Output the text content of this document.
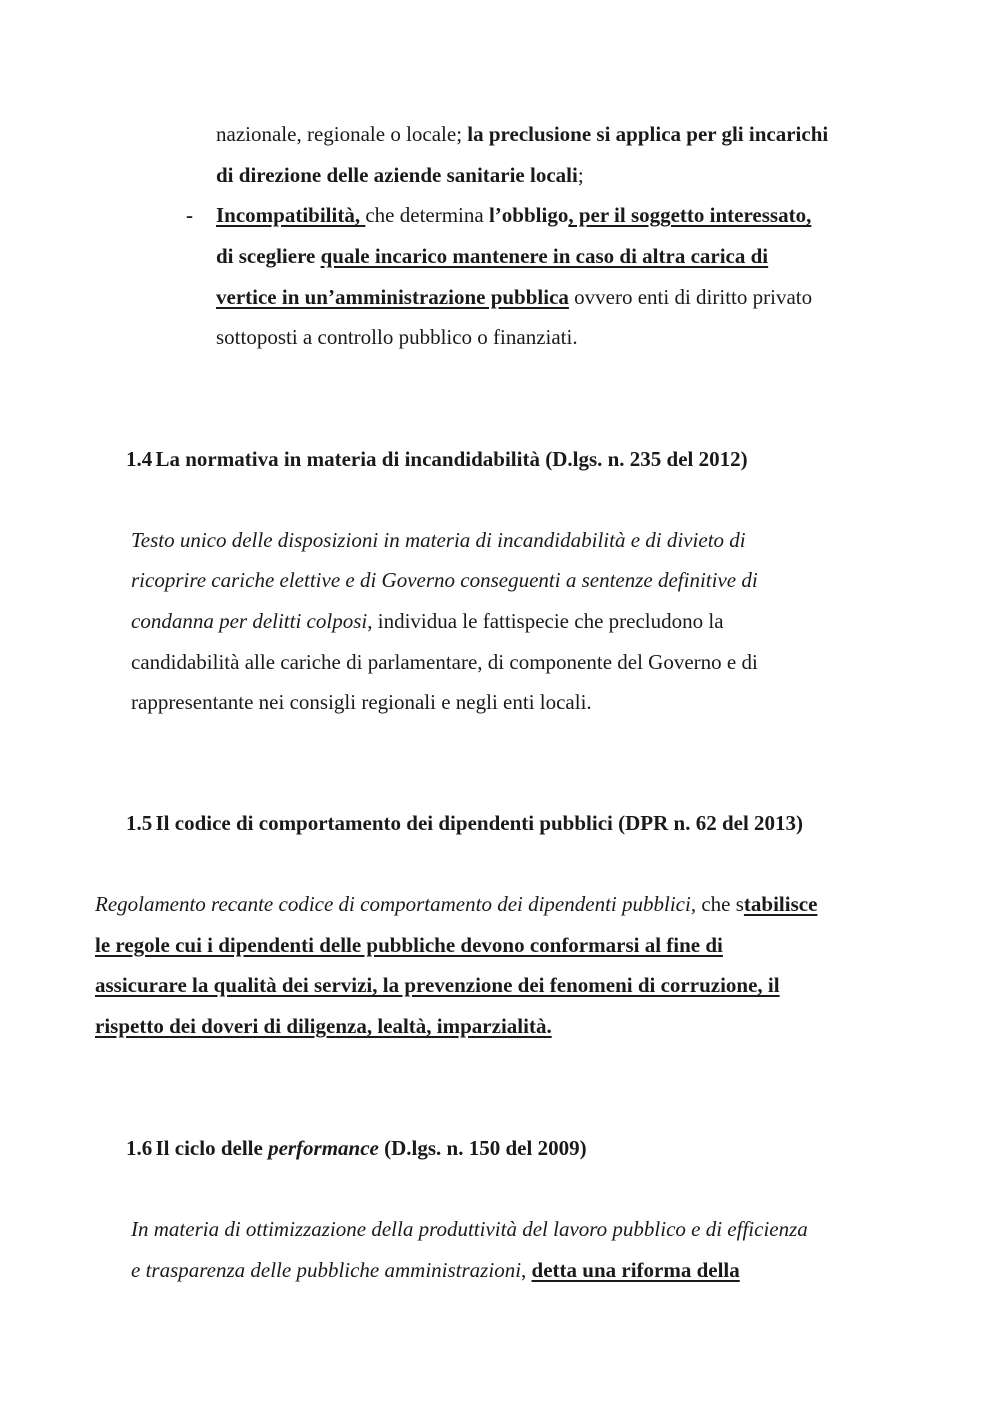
nazionale, regionale o locale; la preclusione si applica per gli incarichi
di direzione delle aziende sanitarie locali;
- Incompatibilità, che determina l’obbligo, per il soggetto interessato,
di scegliere quale incarico mantenere in caso di altra carica di
vertice in un’amministrazione pubblica ovvero enti di diritto privato
sottoposti a controllo pubblico o finanziati.
1.4 La normativa in materia di incandidabilità (D.lgs. n. 235 del 2012)
Testo unico delle disposizioni in materia di incandidabilità e di divieto di
ricoprire cariche elettive e di Governo conseguenti a sentenze definitive di
condanna per delitti colposi, individua le fattispecie che precludono la
candidabilità alle cariche di parlamentare, di componente del Governo e di
rappresentante nei consigli regionali e negli enti locali.
1.5 Il codice di comportamento dei dipendenti pubblici (DPR n. 62 del 2013)
Regolamento recante codice di comportamento dei dipendenti pubblici, che stabilisce
le regole cui i dipendenti delle pubbliche devono conformarsi al fine di
assicurare la qualità dei servizi, la prevenzione dei fenomeni di corruzione, il
rispetto dei doveri di diligenza, lealtà, imparzialità.
1.6 Il ciclo delle performance (D.lgs. n. 150 del 2009)
In materia di ottimizzazione della produttività del lavoro pubblico e di efficienza
e trasparenza delle pubbliche amministrazioni, detta una riforma della
